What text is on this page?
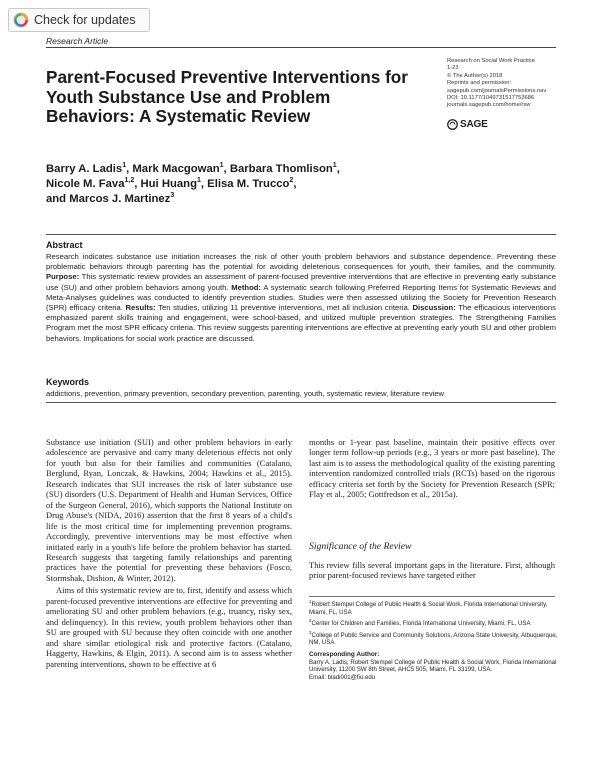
Check for updates
Research Article
Parent-Focused Preventive Interventions for Youth Substance Use and Problem Behaviors: A Systematic Review
Research on Social Work Practice
1-23
© The Author(s) 2018
Reprints and permission:
sagepub.com/journalsPermissions.nav
DOI: 10.1177/1049731517753686
journals.sagepub.com/home/rsw
SAGE
Barry A. Ladis$^1$, Mark Macgowan$^1$, Barbara Thomlison$^1$,
Nicole M. Fava$^{1,2}$, Hui Huang$^1$, Elisa M. Trucco$^2$,
and Marcos J. Martinez$^3$
Abstract
Research indicates substance use initiation increases the risk of other youth problem behaviors and substance dependence. Preventing these problematic behaviors through parenting has the potential for avoiding deleterious consequences for youth, their families, and the community. Purpose: This systematic review provides an assessment of parent-focused preventive interventions that are effective in preventing early substance use (SU) and other problem behaviors among youth. Method: A systematic search following Preferred Reporting Items for Systematic Reviews and Meta-Analyses guidelines was conducted to identify prevention studies. Studies were then assessed utilizing the Society for Prevention Research (SPR) efficacy criteria. Results: Ten studies, utilizing 11 preventive interventions, met all inclusion criteria. Discussion: The efficacious interventions emphasized parent skills training and engagement, were school-based, and utilized multiple prevention strategies. The Strengthening Families Program met the most SPR efficacy criteria. This review suggests parenting interventions are effective at preventing early youth SU and other problem behaviors. Implications for social work practice are discussed.
Keywords
addictions, prevention, primary prevention, secondary prevention, parenting, youth, systematic review, literature review

Substance use initiation (SUI) and other problem behaviors in early adolescence are pervasive and carry many deleterious effects not only for youth but also for their families and communities (Catalano, Berglund, Ryan, Lonczak, & Hawkins, 2004; Hawkins et al., 2015). Research indicates that SUI increases the risk of later substance use (SU) disorders (U.S. Department of Health and Human Services, Office of the Surgeon General, 2016), which supports the National Institute on Drug Abuse's (NIDA, 2016) assertion that the first 8 years of a child's life is the most critical time for implementing prevention programs. Accordingly, preventive interventions may be most effective when initiated early in a youth's life before the problem behavior has started. Research suggests that targeting family relationships and parenting practices have the potential for preventing these behaviors (Fosco, Stormshak, Dishion, & Winter, 2012).

Aims of this systematic review are to, first, identify and assess which parent-focused preventive interventions are effective for preventing and ameliorating SU and other problem behaviors (e.g., truancy, risky sex, and delinquency). In this review, youth problem behaviors other than SU are grouped with SU because they often coincide with one another and share similar etiological risk and protective factors (Catalano, Haggerty, Hawkins, & Elgin, 2011). A second aim is to assess whether parenting interventions, shown to be effective at 6

months or 1-year past baseline, maintain their positive effects over longer term follow-up periods (e.g., 3 years or more past baseline). The last aim is to assess the methodological quality of the existing parenting intervention randomized controlled trials (RCTs) based on the rigorous efficacy criteria set forth by the Society for Prevention Research (SPR; Flay et al., 2005; Gottfredson et al., 2015a).
Significance of the Review
This review fills several important gaps in the literature. First, although prior parent-focused reviews have targeted either
$^1$Robert Stempel College of Public Health & Social Work, Florida International University, Miami, FL, USA
$^2$Center for Children and Families, Florida International University, Miami, FL, USA
$^3$College of Public Service and Community Solutions, Arizona State University, Albuquerque, NM, USA
Corresponding Author:
Barry A. Ladis, Robert Stempel College of Public Health & Social Work, Florida International University, 11200 SW 8th Street, AHC5 505, Miami, FL 33199, USA.
Email: bladi001@fiu.edu
